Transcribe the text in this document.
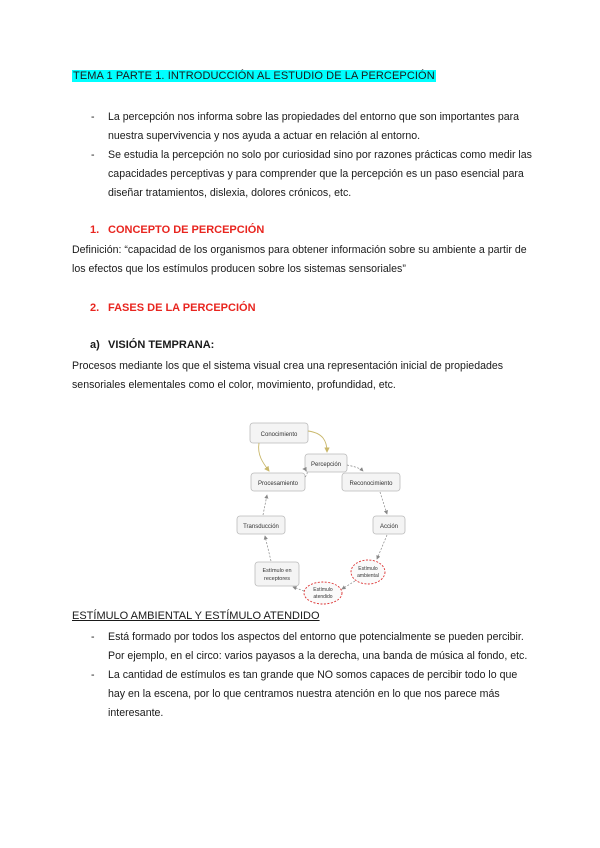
TEMA 1 PARTE 1. INTRODUCCIÓN AL ESTUDIO DE LA PERCEPCIÓN
- La percepción nos informa sobre las propiedades del entorno que son importantes para nuestra supervivencia y nos ayuda a actuar en relación al entorno.
- Se estudia la percepción no solo por curiosidad sino por razones prácticas como medir las capacidades perceptivas y para comprender que la percepción es un paso esencial para diseñar tratamientos, dislexia, dolores crónicos, etc.
1. CONCEPTO DE PERCEPCIÓN

Definición: “capacidad de los organismos para obtener información sobre su ambiente a partir de los efectos que los estímulos producen sobre los sistemas sensoriales”

2. FASES DE LA PERCEPCIÓN
a) VISIÓN TEMPRANA:

Procesos mediante los que el sistema visual crea una representación inicial de propiedades sensoriales elementales como el color, movimiento, profundidad, etc.

Conocimiento
Percepción
Procesamiento	Reconocimiento
Transducción	Acción
Estímulo en
receptores
Estímulo
ambiental
Estímulo
atendido
ESTÍMULO AMBIENTAL Y ESTÍMULO ATENDIDO
- Está formado por todos los aspectos del entorno que potencialmente se pueden percibir. Por ejemplo, en el circo: varios payasos a la derecha, una banda de música al fondo, etc.
- La cantidad de estímulos es tan grande que NO somos capaces de percibir todo lo que hay en la escena, por lo que centramos nuestra atención en lo que nos parece más interesante.
